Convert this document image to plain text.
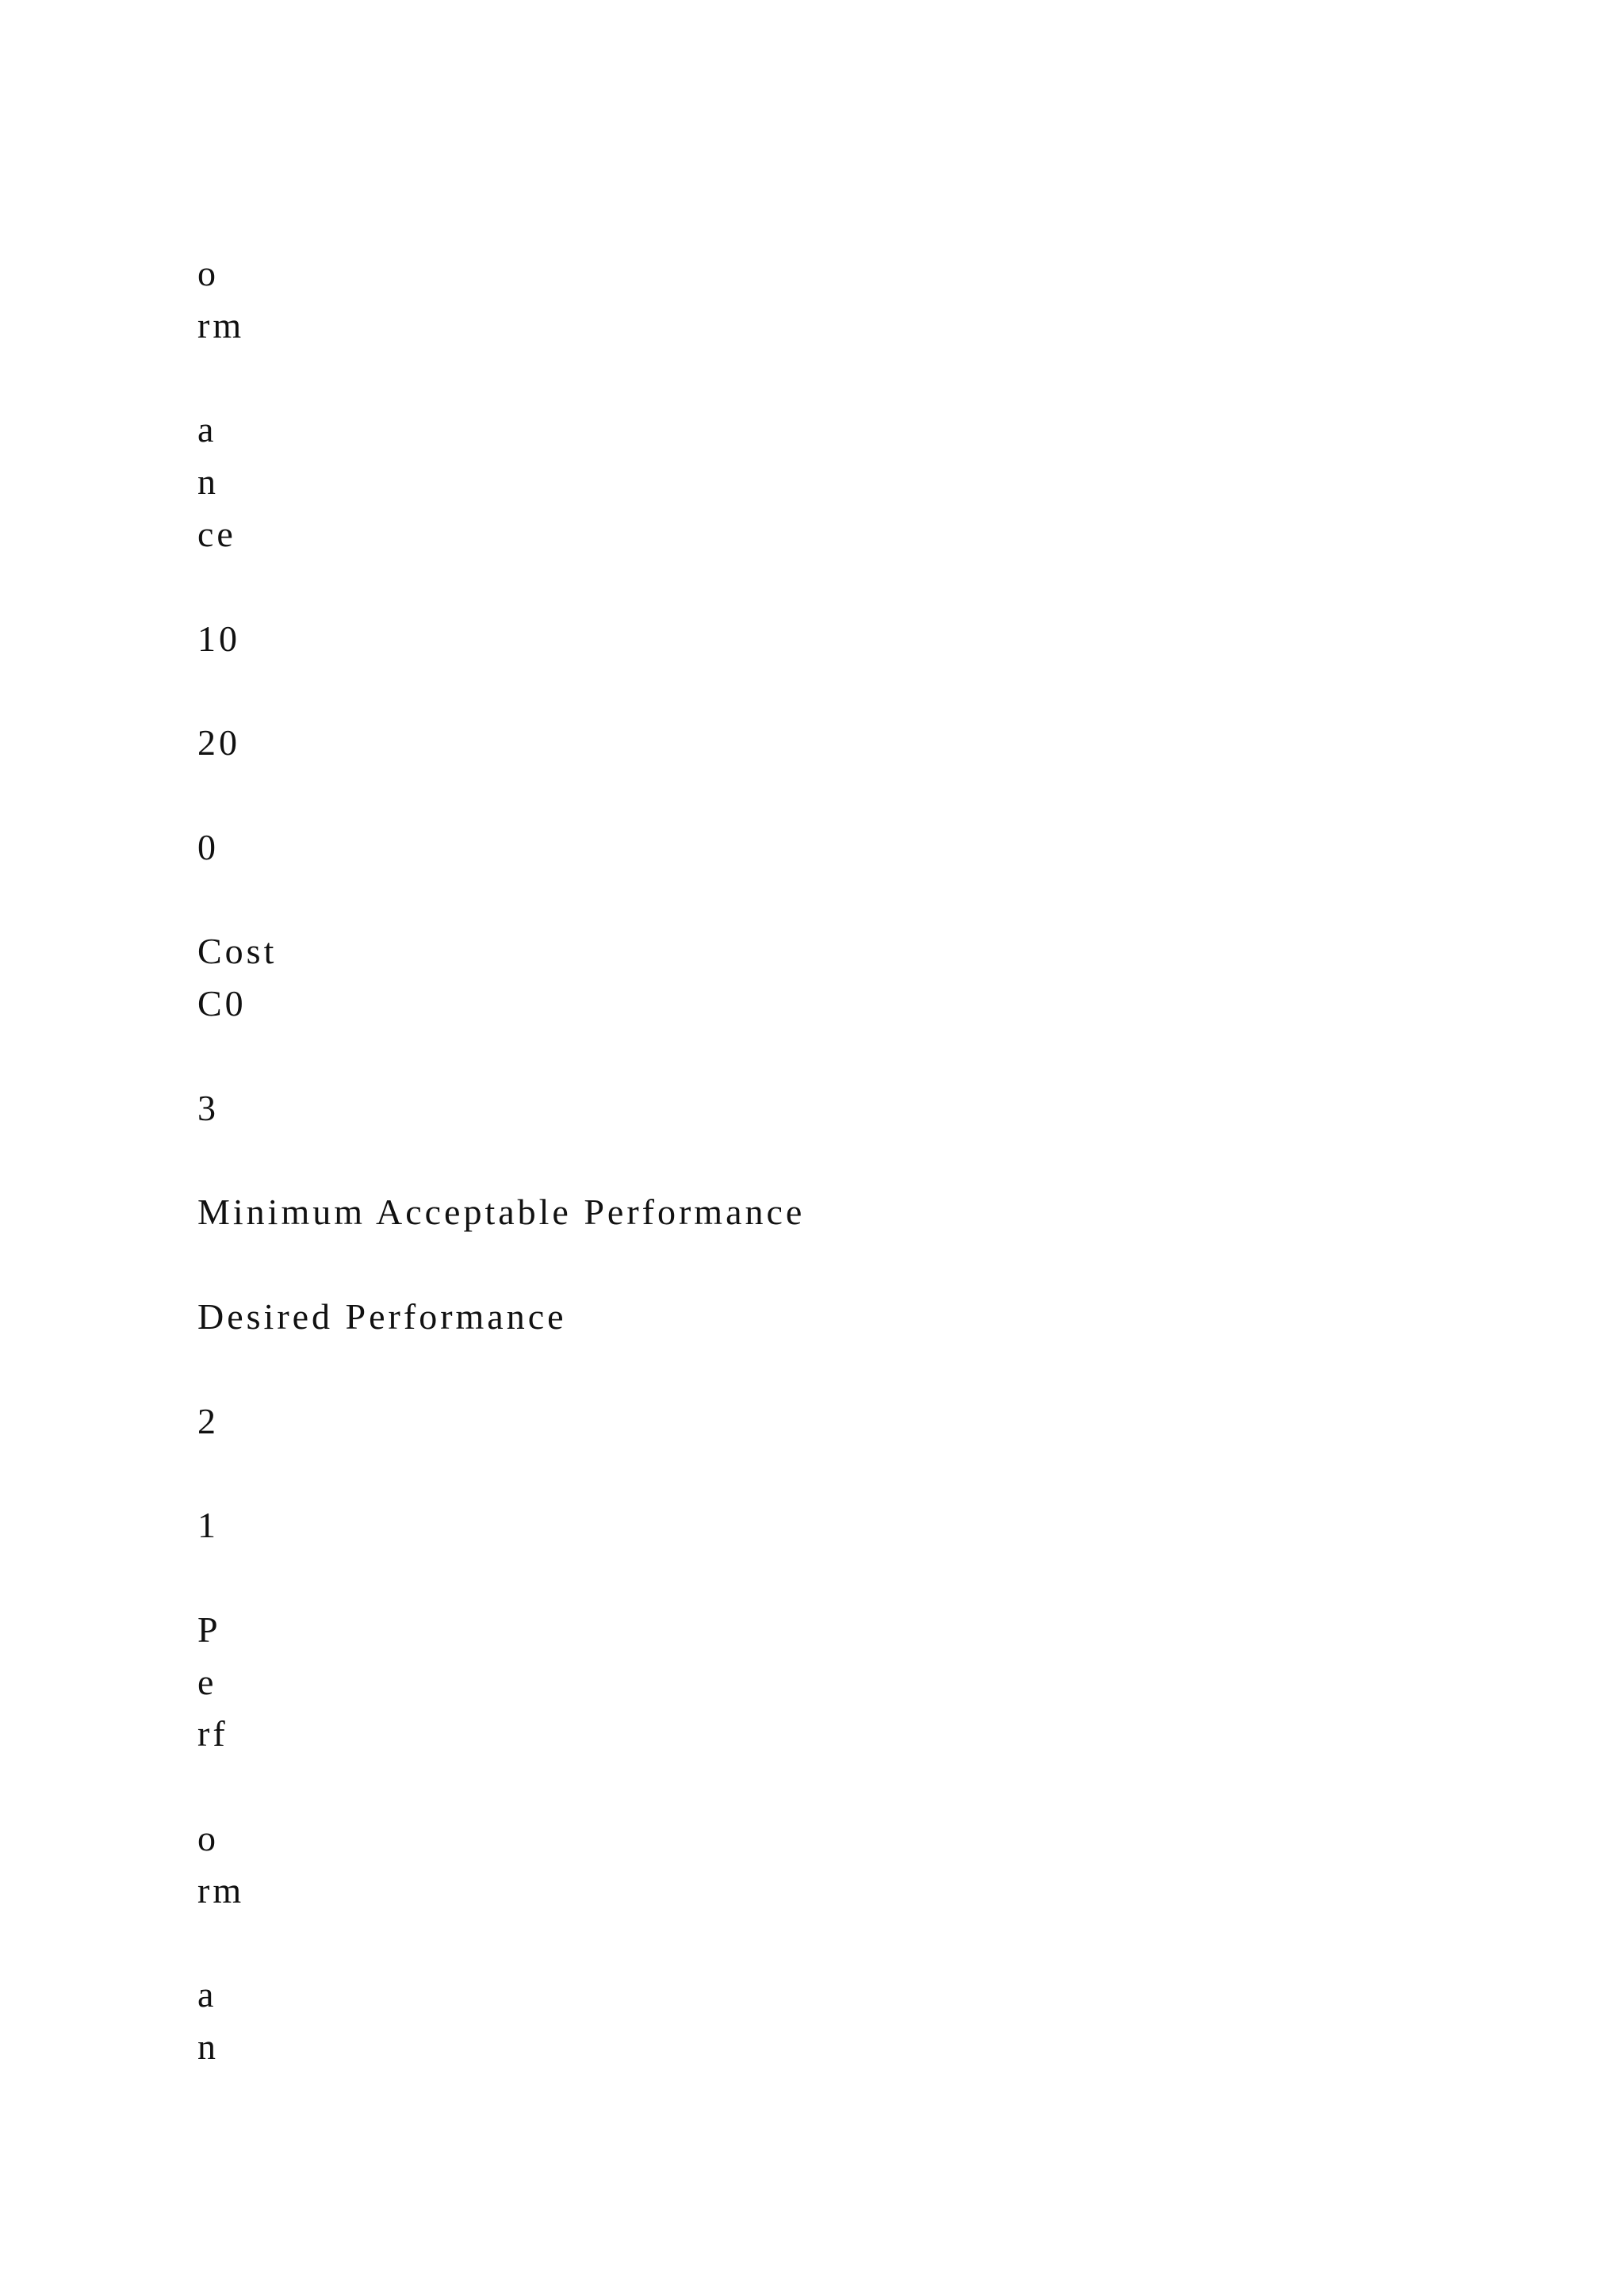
o
rm
a
n
ce
10
20
0
Cost
C0
3
Minimum Acceptable Performance
Desired Performance
2
1
P
e
rf
o
rm
a
n
